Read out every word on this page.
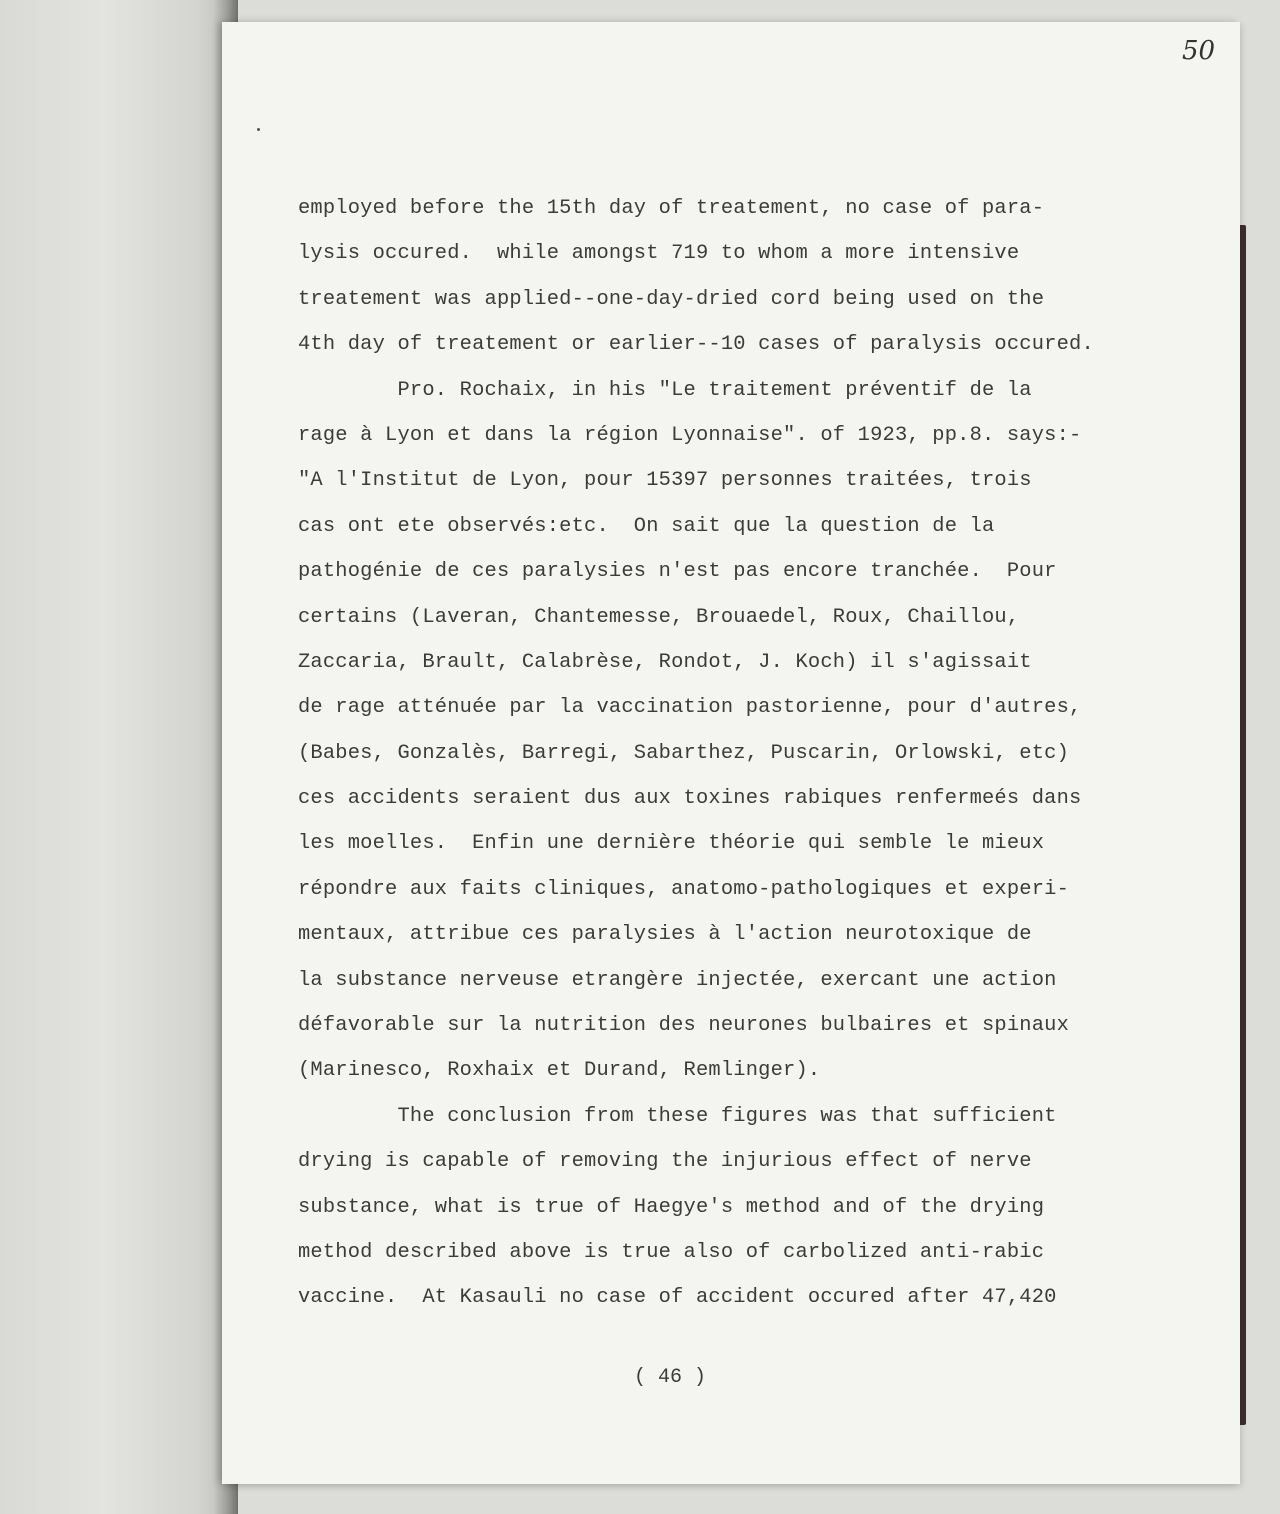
50
employed before the 15th day of treatement, no case of para-
lysis occured.  while amongst 719 to whom a more intensive
treatement was applied--one-day-dried cord being used on the
4th day of treatement or earlier--10 cases of paralysis occured.
Pro. Rochaix, in his "Le traitement préventif de la
rage à Lyon et dans la région Lyonnaise". of 1923, pp.8. says:-
"A l'Institut de Lyon, pour 15397 personnes traitées, trois
cas ont ete observés:etc.  On sait que la question de la
pathogénie de ces paralysies n'est pas encore tranchée.  Pour
certains (Laveran, Chantemesse, Brouaedel, Roux, Chaillou,
Zaccaria, Brault, Calabrèse, Rondot, J. Koch) il s'agissait
de rage atténuée par la vaccination pastorienne, pour d'autres,
(Babes, Gonzalès, Barregi, Sabarthez, Puscarin, Orlowski, etc)
ces accidents seraient dus aux toxines rabiques renfermeés dans
les moelles.  Enfin une dernière théorie qui semble le mieux
répondre aux faits cliniques, anatomo-pathologiques et experi-
mentaux, attribue ces paralysies à l'action neurotoxique de
la substance nerveuse etrangère injectée, exercant une action
défavorable sur la nutrition des neurones bulbaires et spinaux
(Marinesco, Roxhaix et Durand, Remlinger).
The conclusion from these figures was that sufficient
drying is capable of removing the injurious effect of nerve
substance, what is true of Haegye's method and of the drying
method described above is true also of carbolized anti-rabic
vaccine.  At Kasauli no case of accident occured after 47,420
( 46 )
